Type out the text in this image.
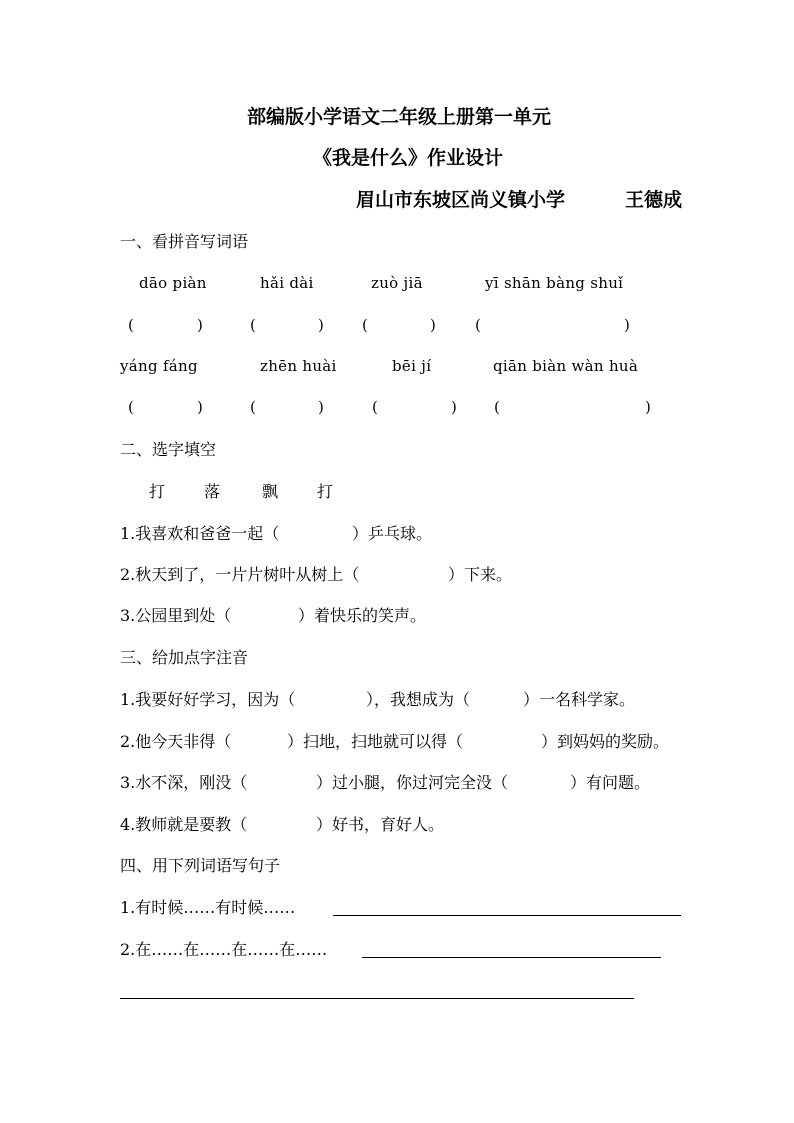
部编版小学语文二年级上册第一单元
《我是什么》作业设计
眉山市东坡区尚义镇小学	王德成
一、看拼音写词语
dāo piàn	hǎi dài	zuò jiā	yī shān bàng shuǐ
(	)	(	)	(	)	(	)
yáng fáng	zhēn huài	bēi jí	qiān biàn wàn huà
(	)	(	)	(	) (	)
二、选字填空
打 落	飘 打
1.我喜欢和爸爸一起（	）乒乓球。
2.秋天到了，一片片树叶从树上（	）下来。
3.公园里到处（	）着快乐的笑声。
三、给加点字注音
1.我要好好学习，因为（	），我想成为（	）一名科学家。
2.他今天非得（	）扫地，扫地就可以得（	）到妈妈的奖励。
3.水不深，刚没（	）过小腿，你过河完全没（	）有问题。
4.教师就是要教（	）好书，育好人。
四、用下列词语写句子
1.有时候……有时候……
2.在……在……在……在……
